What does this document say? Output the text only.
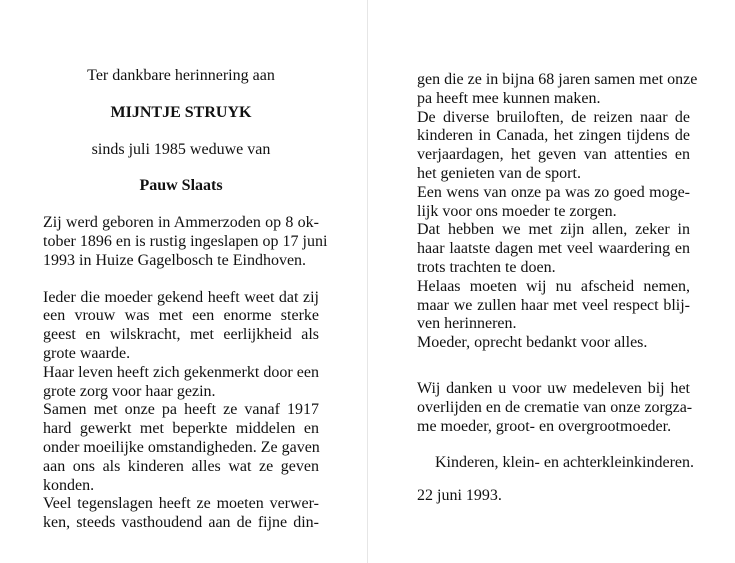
Ter dankbare herinnering aan
MIJNTJE STRUYK
sinds juli 1985 weduwe van
Pauw Slaats
Zij werd geboren in Ammerzoden op 8 ok-
tober 1896 en is rustig ingeslapen op 17 juni
1993 in Huize Gagelbosch te Eindhoven.
Ieder die moeder gekend heeft weet dat zij
een vrouw was met een enorme sterke
geest en wilskracht, met eerlijkheid als
grote waarde.
Haar leven heeft zich gekenmerkt door een
grote zorg voor haar gezin.
Samen met onze pa heeft ze vanaf 1917
hard gewerkt met beperkte middelen en
onder moeilijke omstandigheden. Ze gaven
aan ons als kinderen alles wat ze geven
konden.
Veel tegenslagen heeft ze moeten verwer-
ken, steeds vasthoudend aan de fijne din-
gen die ze in bijna 68 jaren samen met onze
pa heeft mee kunnen maken.
De diverse bruiloften, de reizen naar de
kinderen in Canada, het zingen tijdens de
verjaardagen, het geven van attenties en
het genieten van de sport.
Een wens van onze pa was zo goed moge-
lijk voor ons moeder te zorgen.
Dat hebben we met zijn allen, zeker in
haar laatste dagen met veel waardering en
trots trachten te doen.
Helaas moeten wij nu afscheid nemen,
maar we zullen haar met veel respect blij-
ven herinneren.
Moeder, oprecht bedankt voor alles.
Wij danken u voor uw medeleven bij het
overlijden en de crematie van onze zorgza-
me moeder, groot- en overgrootmoeder.
Kinderen, klein- en achterkleinkinderen.
22 juni 1993.
